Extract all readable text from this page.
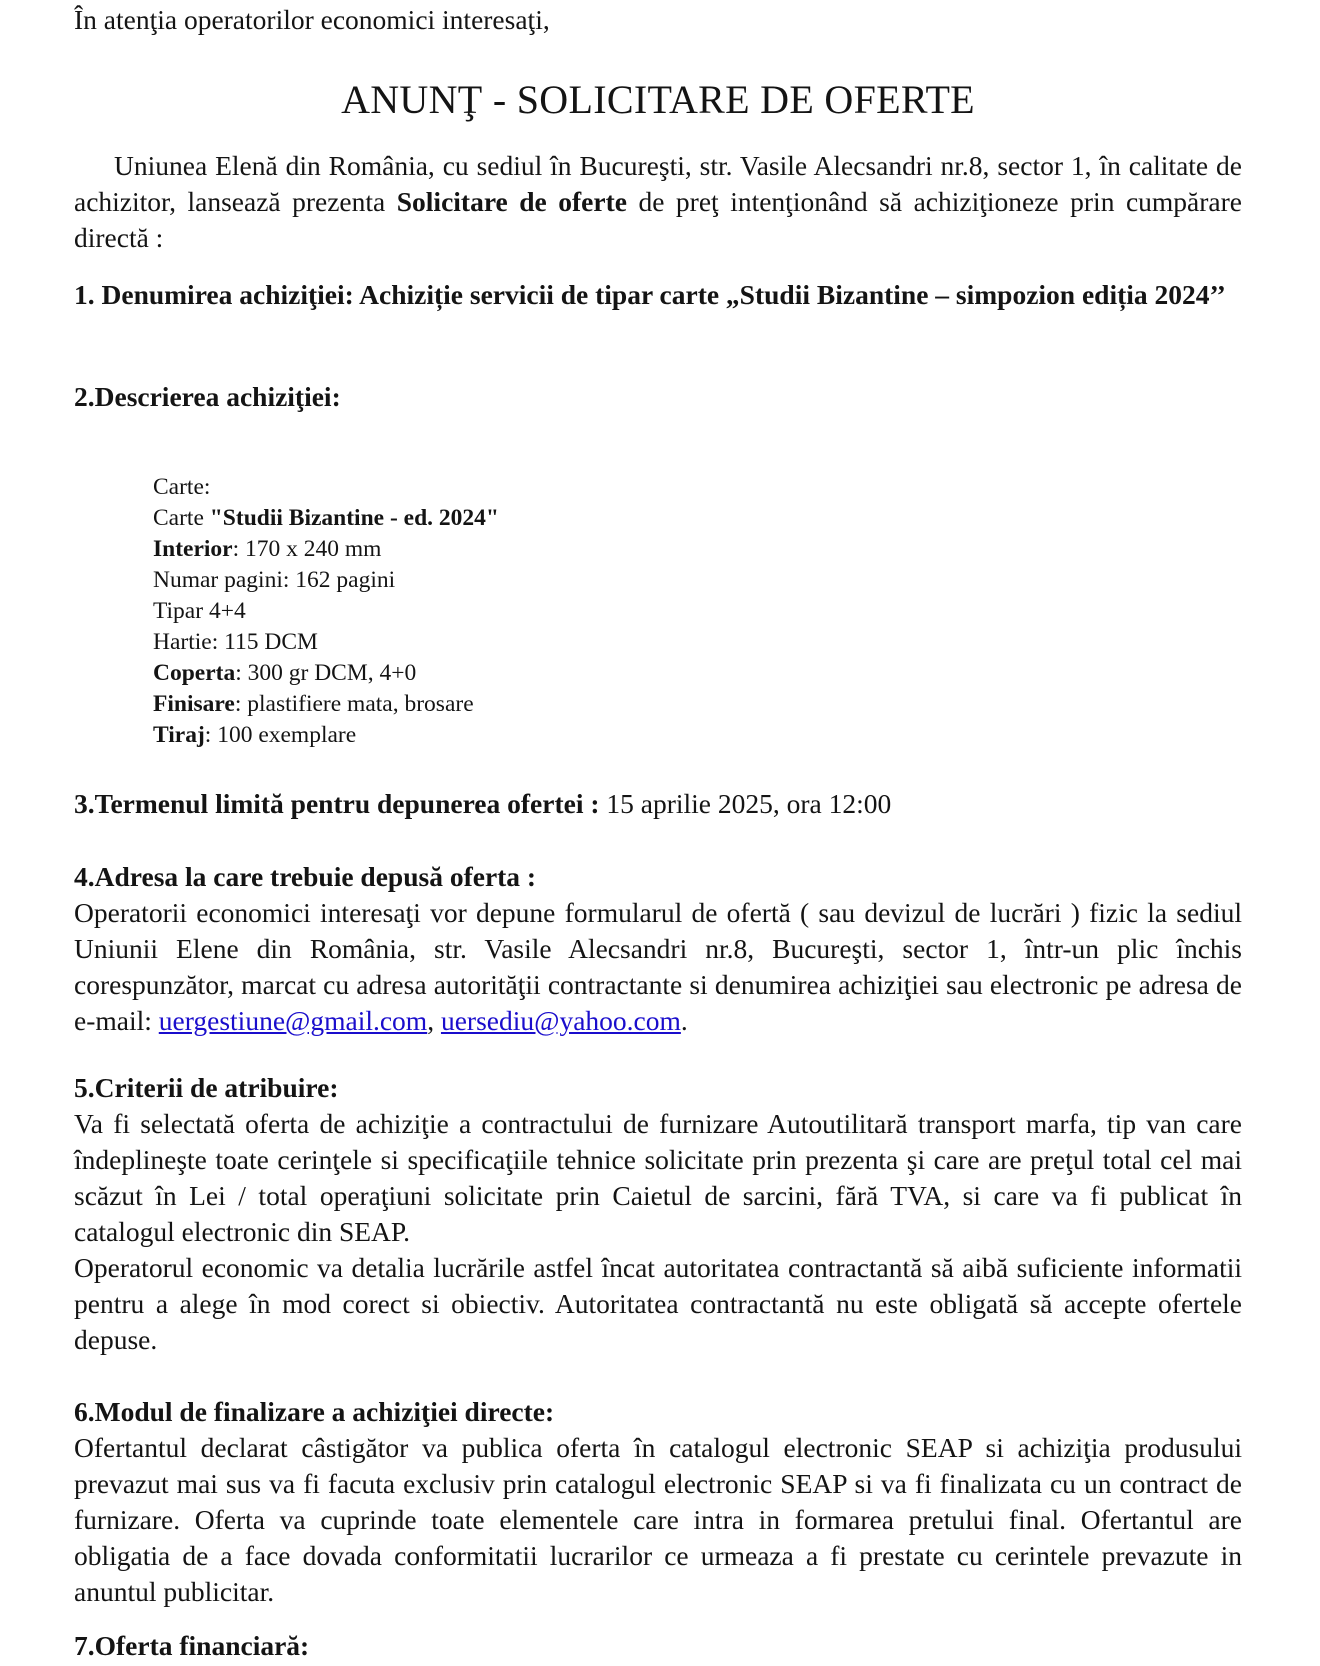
În atenţia operatorilor economici interesaţi,

ANUNŢ - SOLICITARE DE OFERTE

Uniunea Elenă din România, cu sediul în Bucureşti, str. Vasile Alecsandri nr.8, sector 1, în calitate de achizitor, lansează prezenta Solicitare de oferte de preţ intenţionând să achiziţioneze prin cumpărare directă :

1. Denumirea achiziţiei: Achiziție servicii de tipar carte „Studii Bizantine – simpozion ediția 2024’’

2.Descrierea achiziţiei:

Carte:
Carte "Studii Bizantine - ed. 2024"
Interior: 170 x 240 mm
Numar pagini: 162 pagini
Tipar 4+4
Hartie: 115 DCM
Coperta: 300 gr DCM, 4+0
Finisare: plastifiere mata, brosare
Tiraj: 100 exemplare

3.Termenul limită pentru depunerea ofertei : 15 aprilie 2025, ora 12:00

4.Adresa la care trebuie depusă oferta :

Operatorii economici interesaţi vor depune formularul de ofertă ( sau devizul de lucrări ) fizic la sediul Uniunii Elene din România, str. Vasile Alecsandri nr.8, Bucureşti, sector 1, într-un plic închis corespunzător, marcat cu adresa autorităţii contractante si denumirea achiziţiei sau electronic pe adresa de e-mail: uergestiune@gmail.com, uersediu@yahoo.com.

5.Criterii de atribuire:

Va fi selectată oferta de achiziţie a contractului de furnizare Autoutilitară transport marfa, tip van care îndeplineşte toate cerinţele si specificaţiile tehnice solicitate prin prezenta şi care are preţul total cel mai scăzut în Lei / total operaţiuni solicitate prin Caietul de sarcini, fără TVA, si care va fi publicat în catalogul electronic din SEAP.

Operatorul economic va detalia lucrările astfel încat autoritatea contractantă să aibă suficiente informatii pentru a alege în mod corect si obiectiv. Autoritatea contractantă nu este obligată să accepte ofertele depuse.

6.Modul de finalizare a achiziţiei directe:

Ofertantul declarat câstigător va publica oferta în catalogul electronic SEAP si achiziţia produsului prevazut mai sus va fi facuta exclusiv prin catalogul electronic SEAP si va fi finalizata cu un contract de furnizare. Oferta va cuprinde toate elementele care intra in formarea pretului final. Ofertantul are obligatia de a face dovada conformitatii lucrarilor ce urmeaza a fi prestate cu cerintele prevazute in anuntul publicitar.

7.Oferta financiară:
